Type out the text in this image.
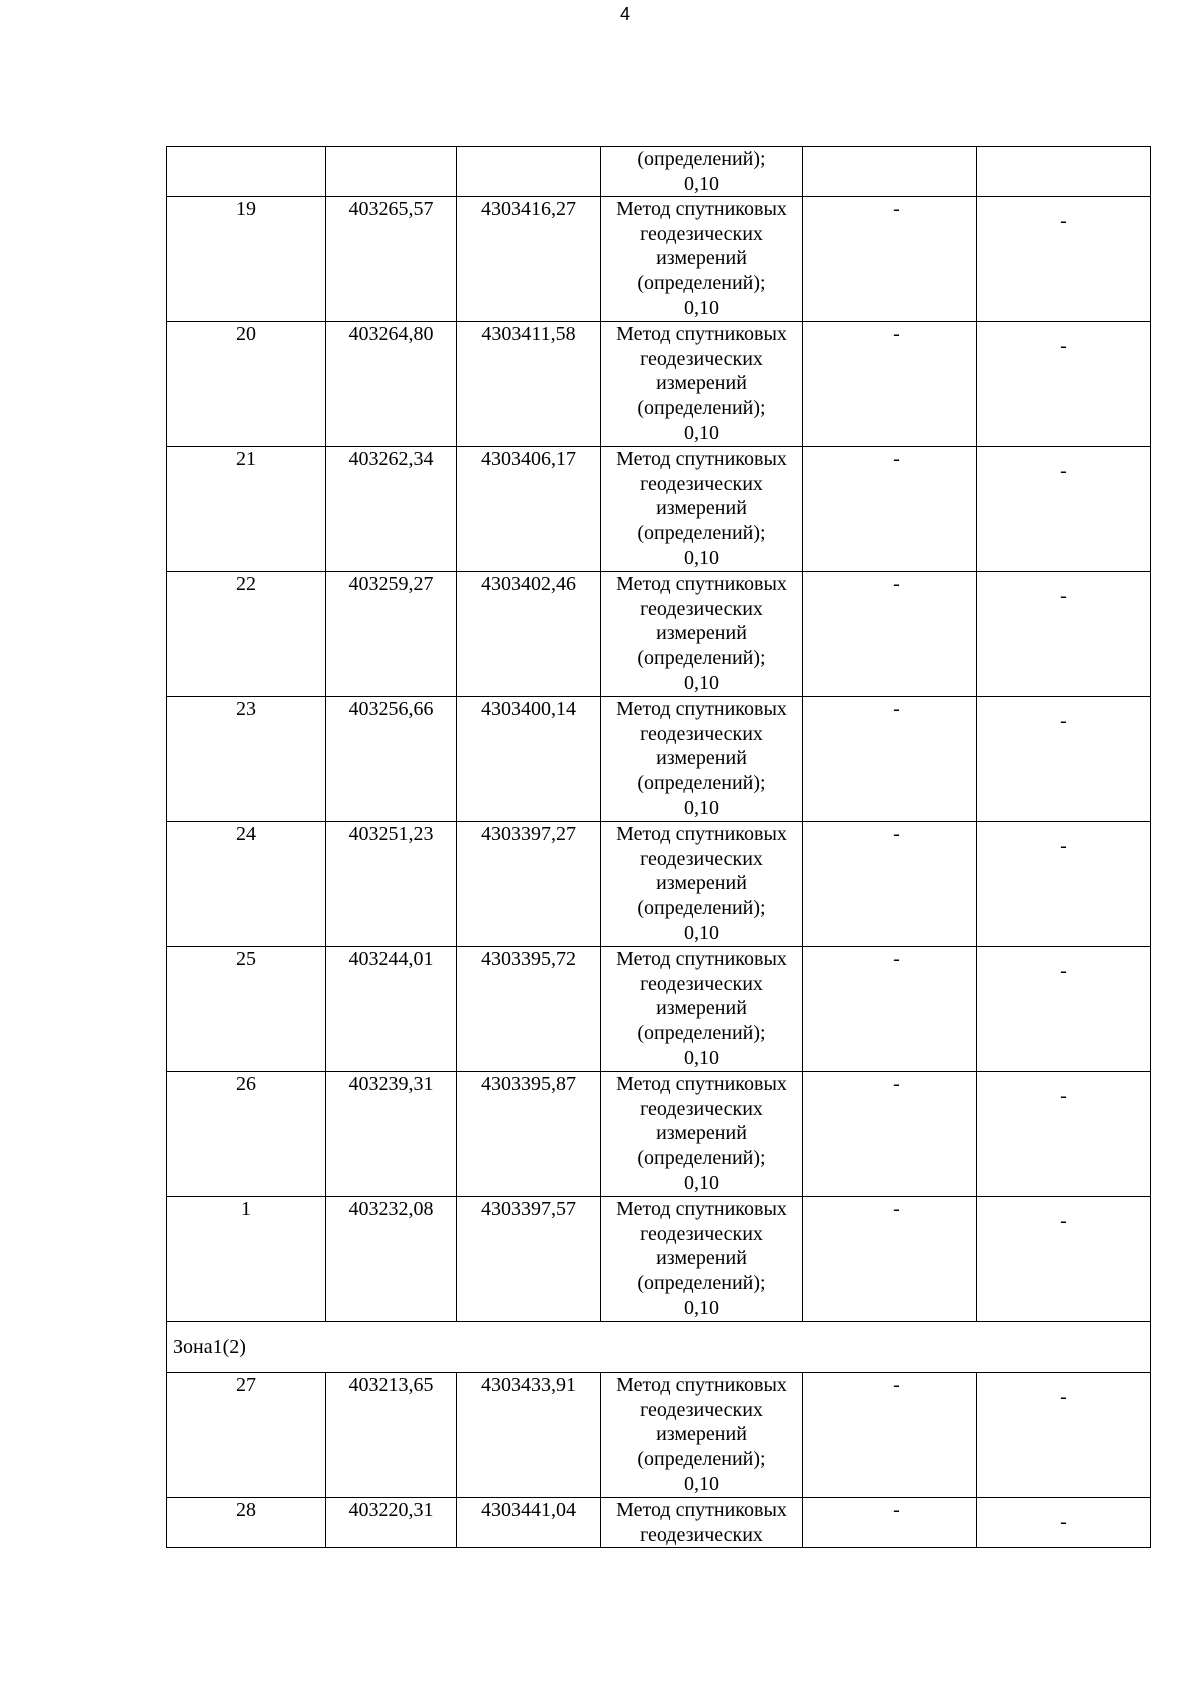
4

			(определений);
0,10		

19	403265,57	4303416,27	Метод спутниковых
геодезических
измерений
(определений);
0,10	-	-
20	403264,80	4303411,58	Метод спутниковых
геодезических
измерений
(определений);
0,10	-	-
21	403262,34	4303406,17	Метод спутниковых
геодезических
измерений
(определений);
0,10	-	-
22	403259,27	4303402,46	Метод спутниковых
геодезических
измерений
(определений);
0,10	-	-
23	403256,66	4303400,14	Метод спутниковых
геодезических
измерений
(определений);
0,10	-	-
24	403251,23	4303397,27	Метод спутниковых
геодезических
измерений
(определений);
0,10	-	-
25	403244,01	4303395,72	Метод спутниковых
геодезических
измерений
(определений);
0,10	-	-
26	403239,31	4303395,87	Метод спутниковых
геодезических
измерений
(определений);
0,10	-	-
1	403232,08	4303397,57	Метод спутниковых
геодезических
измерений
(определений);
0,10	-	-
Зона1(2)					
27	403213,65	4303433,91	Метод спутниковых
геодезических
измерений
(определений);
0,10	-	-
28	403220,31	4303441,04	Метод спутниковых
геодезических	-	-
